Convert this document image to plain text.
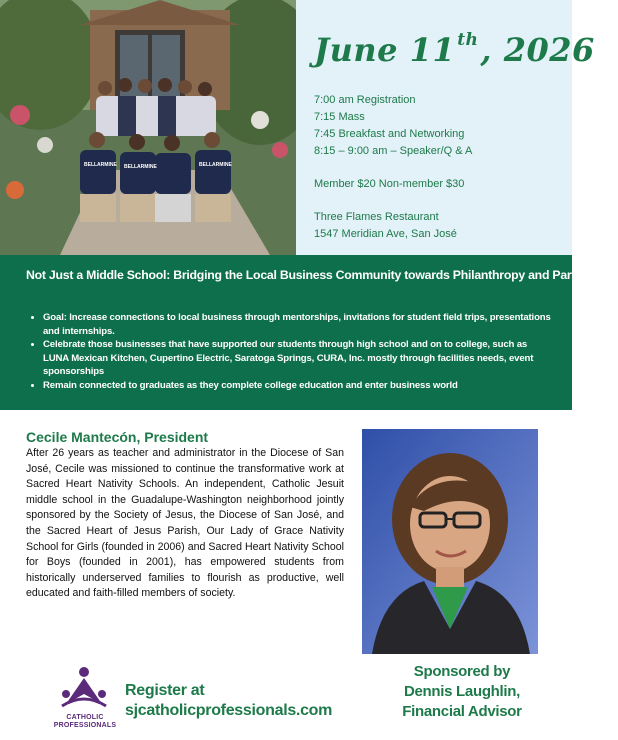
BELLARMINE BELLARMINE	BELLARMINE
June 11 $^{th}$, 2026
7:00 am Registration
7:15 Mass
7:45 Breakfast and Networking
8:15 – 9:00 am – Speaker/Q & A
Member $20 Non-member $30
Three Flames Restaurant
1547 Meridian Ave, San José
Not Just a Middle School: Bridging the Local Business Community towards Philanthropy and Partnership
• Goal: Increase connections to local business through mentorships, invitations for student field trips, presentations and internships.
• Celebrate those businesses that have supported our students through high school and on to college, such as LUNA Mexican Kitchen, Cupertino Electric, Saratoga Springs, CURA, Inc. mostly through facilities needs, event sponsorships
• Remain connected to graduates as they complete college education and enter business world
Cecile Mantecón, President
After 26 years as teacher and administrator in the Diocese of San José, Cecile was missioned to continue the transformative work at Sacred Heart Nativity Schools. An independent, Catholic Jesuit middle school in the Guadalupe-Washington neighborhood jointly sponsored by the Society of Jesus, the Diocese of San José, and the Sacred Heart of Jesus Parish, Our Lady of Grace Nativity School for Girls (founded in 2006) and Sacred Heart Nativity School for Boys (founded in 2001), has empowered students from historically underserved families to flourish as productive, well educated and faith-filled members of society.
CATHOLIC
PROFESSIONALS
Register at
sjcatholicprofessionals.com
Sponsored by
Dennis Laughlin,
Financial Advisor
